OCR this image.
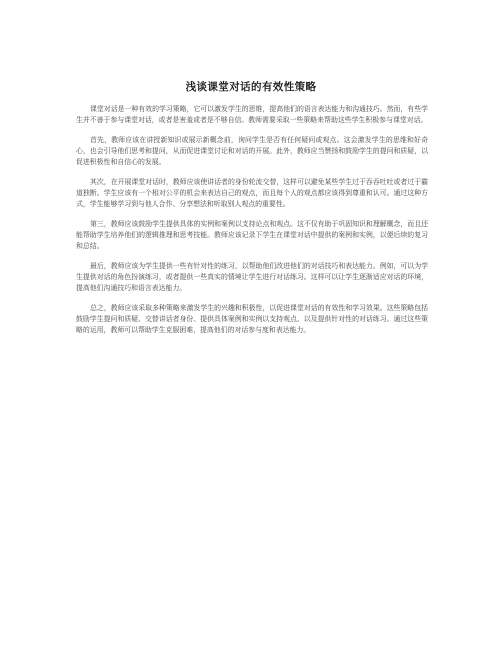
浅谈课堂对话的有效性策略

课堂对话是一种有效的学习策略，它可以激发学生的思维，提高他们的语言表达能力和沟通技巧。然而，有些学生并不善于参与课堂对话，或者是害羞或者是不够自信。教师需要采取一些策略来帮助这些学生积极参与课堂对话。

首先，教师应该在讲授新知识或展示新概念前，询问学生是否有任何疑问或观点。这会激发学生的思维和好奇心，也会引导他们思考和提问，从而促进课堂讨论和对话的开展。此外，教师应当赞扬和鼓励学生的提问和质疑，以促进积极性和自信心的发展。

其次，在开展课堂对话时，教师应该使讲话者的身份轮流交替，这样可以避免某些学生过于吞吞吐吐或者过于霸道独断。学生应该有一个相对公平的机会来表达自己的观点，而且每个人的观点都应该得到尊重和认可。通过这种方式，学生能够学习到与他人合作、分享想法和听取别人观点的重要性。

第三，教师应该鼓励学生提供具体的实例和案例以支持论点和观点。这不仅有助于巩固知识和理解概念，而且还能帮助学生培养他们的逻辑推理和思考技能。教师应该记录下学生在课堂对话中提供的案例和实例，以便后续的复习和总结。

最后，教师应该为学生提供一些有针对性的练习，以帮助他们改进他们的对话技巧和表达能力。例如，可以为学生提供对话的角色扮演练习，或者提供一些真实的情境让学生进行对话练习。这样可以让学生逐渐适应对话的环境，提高他们沟通技巧和语言表达能力。

总之，教师应该采取多种策略来激发学生的兴趣和积极性，以促进课堂对话的有效性和学习效果。这些策略包括鼓励学生提问和质疑、交替讲话者身份、提供具体案例和实例以支持观点、以及提供针对性的对话练习。通过这些策略的运用，教师可以帮助学生克服困难，提高他们的对话参与度和表达能力。
